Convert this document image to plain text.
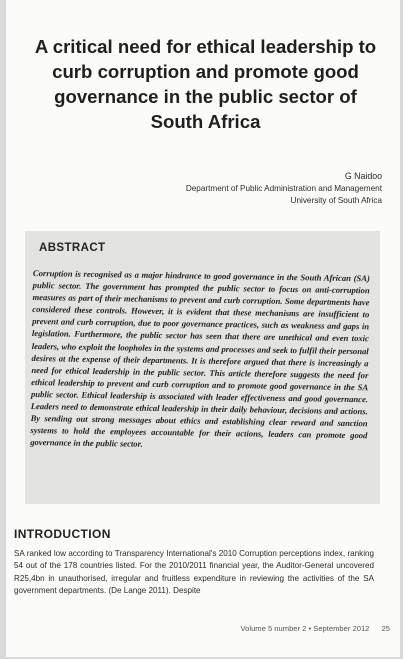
A critical need for ethical leadership to curb corruption and promote good governance in the public sector of South Africa
G Naidoo
Department of Public Administration and Management
University of South Africa
ABSTRACT

Corruption is recognised as a major hindrance to good governance in the South African (SA) public sector. The government has prompted the public sector to focus on anti-corruption measures as part of their mechanisms to prevent and curb corruption. Some departments have considered these controls. However, it is evident that these mechanisms are insufficient to prevent and curb corruption, due to poor governance practices, such as weakness and gaps in legislation. Furthermore, the public sector has seen that there are unethical and even toxic leaders, who exploit the loopholes in the systems and processes and seek to fulfil their personal desires at the expense of their departments. It is therefore argued that there is increasingly a need for ethical leadership in the public sector. This article therefore suggests the need for ethical leadership to prevent and curb corruption and to promote good governance in the SA public sector. Ethical leadership is associated with leader effectiveness and good governance. Leaders need to demonstrate ethical leadership in their daily behaviour, decisions and actions. By sending out strong messages about ethics and establishing clear reward and sanction systems to hold the employees accountable for their actions, leaders can promote good governance in the public sector.

INTRODUCTION

SA ranked low according to Transparency International's 2010 Corruption perceptions index, ranking 54 out of the 178 countries listed. For the 2010/2011 financial year, the Auditor-General uncovered R25,4bn in unauthorised, irregular and fruitless expenditure in reviewing the activities of the SA government departments. (De Lange 2011). Despite

Volume 5 number 2 • September 2012 25
